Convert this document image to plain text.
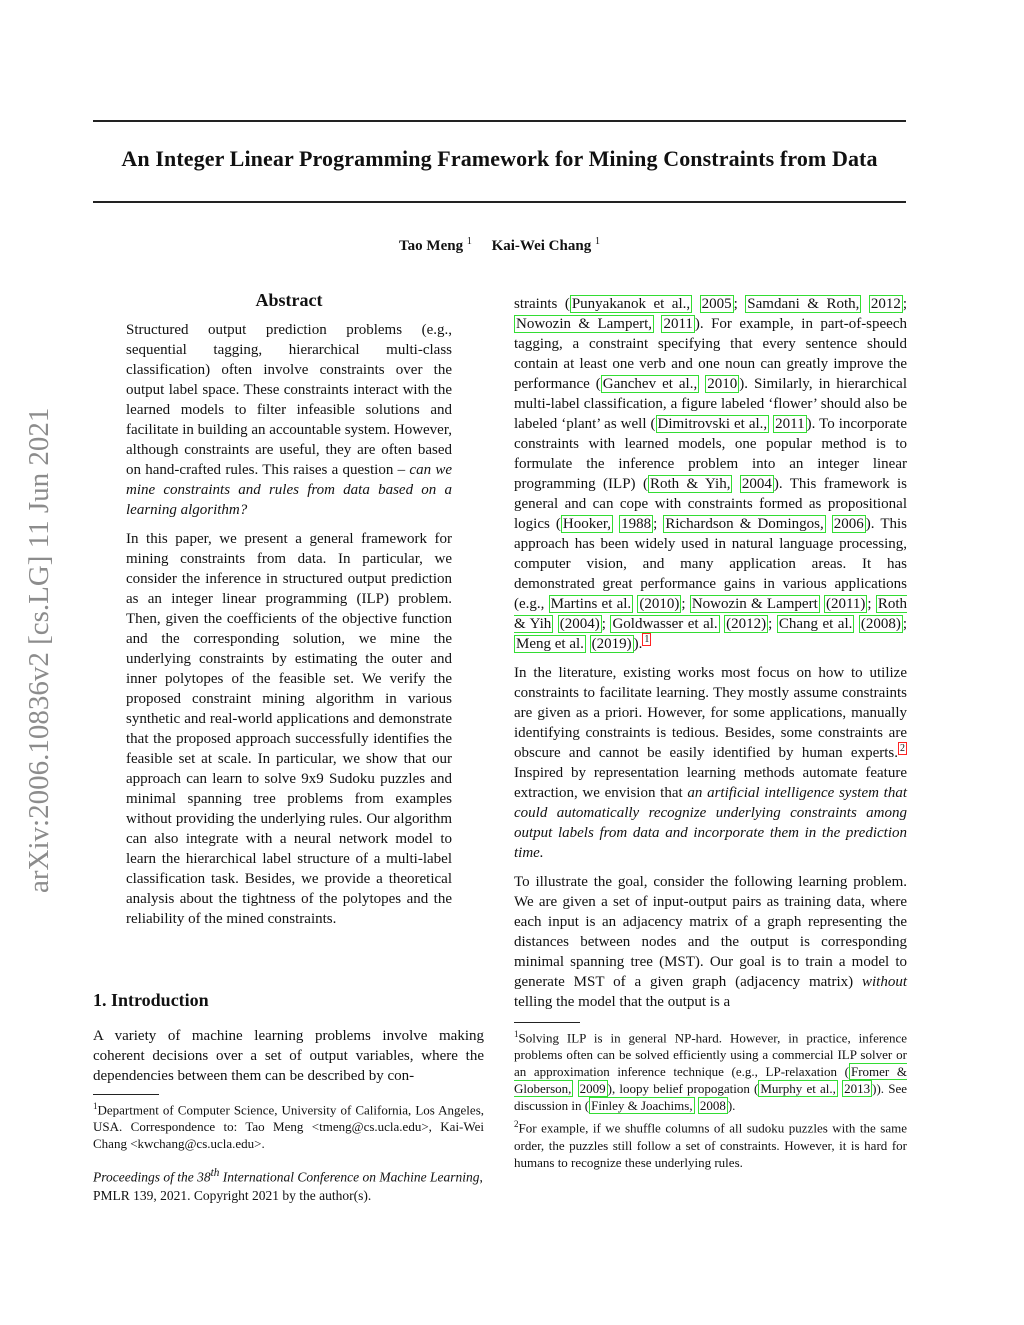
An Integer Linear Programming Framework for Mining Constraints from Data
Tao Meng $^1$ Kai-Wei Chang $^1$
arXiv:2006.10836v2 [cs.LG] 11 Jun 2021
Abstract

Structured output prediction problems (e.g., sequential tagging, hierarchical multi-class classification) often involve constraints over the output label space. These constraints interact with the learned models to filter infeasible solutions and facilitate in building an accountable system. However, although constraints are useful, they are often based on hand-crafted rules. This raises a question – can we mine constraints and rules from data based on a learning algorithm?

In this paper, we present a general framework for mining constraints from data. In particular, we consider the inference in structured output prediction as an integer linear programming (ILP) problem. Then, given the coefficients of the objective function and the corresponding solution, we mine the underlying constraints by estimating the outer and inner polytopes of the feasible set. We verify the proposed constraint mining algorithm in various synthetic and real-world applications and demonstrate that the proposed approach successfully identifies the feasible set at scale. In particular, we show that our approach can learn to solve 9x9 Sudoku puzzles and minimal spanning tree problems from examples without providing the underlying rules. Our algorithm can also integrate with a neural network model to learn the hierarchical label structure of a multi-label classification task. Besides, we provide a theoretical analysis about the tightness of the polytopes and the reliability of the mined constraints.

1. Introduction
A variety of machine learning problems involve making coherent decisions over a set of output variables, where the dependencies between them can be described by con-
$^1$Department of Computer Science, University of California, Los Angeles, USA. Correspondence to: Tao Meng <tmeng@cs.ucla.edu>, Kai-Wei Chang <kwchang@cs.ucla.edu>.
Proceedings of the 38th International Conference on Machine Learning, PMLR 139, 2021. Copyright 2021 by the author(s).

straints ( Punyakanok et al., 2005 ; Samdani & Roth, 2012 ; Nowozin & Lampert, 2011 ). For example, in part-of-speech tagging, a constraint specifying that every sentence should contain at least one verb and one noun can greatly improve the performance ( Ganchev et al., 2010 ). Similarly, in hierarchical multi-label classification, a figure labeled ‘flower’ should also be labeled ‘plant’ as well ( Dimitrovski et al., 2011 ). To incorporate constraints with learned models, one popular method is to formulate the inference problem into an integer linear programming (ILP) ( Roth & Yih, 2004 ). This framework is general and can cope with constraints formed as propositional logics ( Hooker, 1988 ; Richardson & Domingos, 2006 ). This approach has been widely used in natural language processing, computer vision, and many application areas. It has demonstrated great performance gains in various applications (e.g., Martins et al. (2010) ; Nowozin & Lampert (2011) ; Roth & Yih (2004) ; Goldwasser et al. (2012) ; Chang et al. (2008) ; Meng et al. (2019) ). $^1$

In the literature, existing works most focus on how to utilize constraints to facilitate learning. They mostly assume constraints are given as a priori. However, for some applications, manually identifying constraints is tedious. Besides, some constraints are obscure and cannot be easily identified by human experts. $^2$ Inspired by representation learning methods automate feature extraction, we envision that an artificial intelligence system that could automatically recognize underlying constraints among output labels from data and incorporate them in the prediction time.

To illustrate the goal, consider the following learning problem. We are given a set of input-output pairs as training data, where each input is an adjacency matrix of a graph representing the distances between nodes and the output is corresponding minimal spanning tree (MST). Our goal is to train a model to generate MST of a given graph (adjacency matrix) without telling the model that the output is a

$^1$Solving ILP is in general NP-hard. However, in practice, inference problems often can be solved efficiently using a commercial ILP solver or an approximation inference technique (e.g., LP-relaxation ( Fromer & Globerson, 2009 ), loopy belief propogation ( Murphy et al., 2013 )). See discussion in ( Finley & Joachims, 2008 ).
$^2$For example, if we shuffle columns of all sudoku puzzles with the same order, the puzzles still follow a set of constraints. However, it is hard for humans to recognize these underlying rules.
